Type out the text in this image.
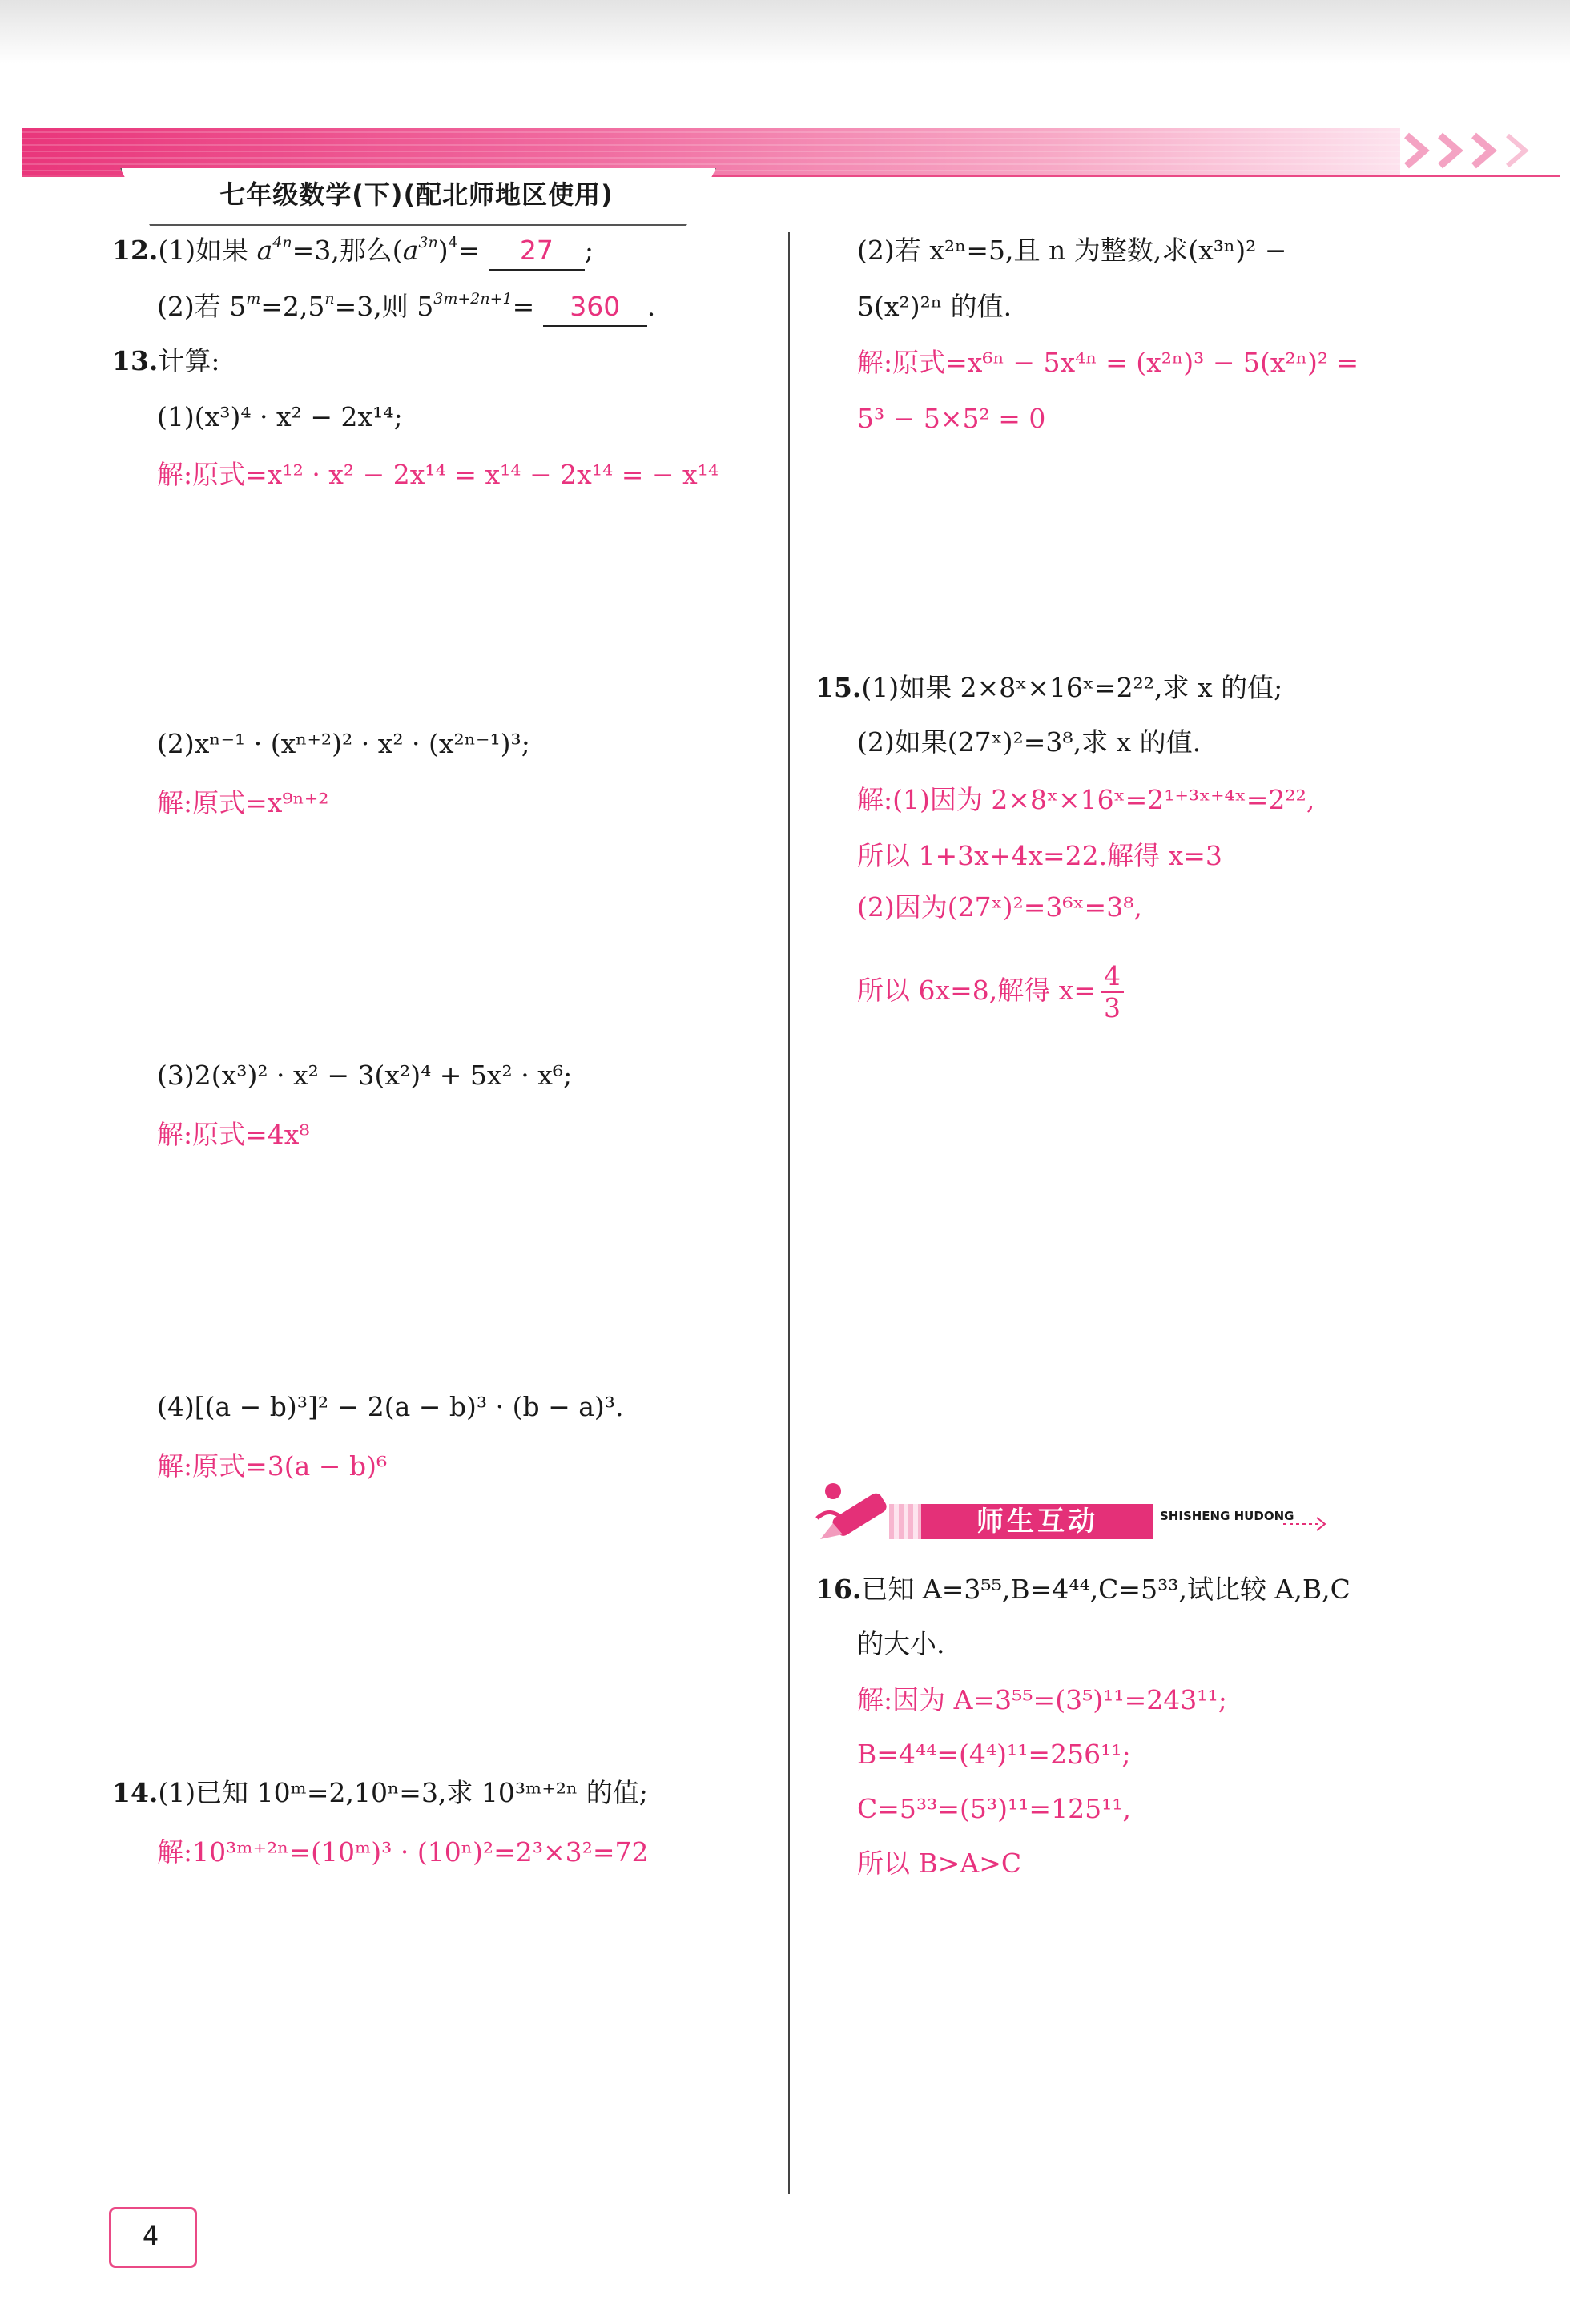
七年级数学(下)(配北师地区使用)
12.(1)如果 $a^{4n}=3$,那么$(a^{3n})^4= 27$ ;
(2)若 $5^m=2,5^n=3$,则 $5^{3m+2n+1}= 360$ .
13.计算:
(1)(x³)⁴ · x² − 2x¹⁴;
解:原式=x¹² · x² − 2x¹⁴ = x¹⁴ − 2x¹⁴ = − x¹⁴
(2)xⁿ⁻¹ · (xⁿ⁺²)² · x² · (x²ⁿ⁻¹)³;
解:原式=x⁹ⁿ⁺²
(3)2(x³)² · x² − 3(x²)⁴ + 5x² · x⁶;
解:原式=4x⁸
(4)[(a − b)³]² − 2(a − b)³ · (b − a)³.
解:原式=3(a − b)⁶
14.(1)已知 10ᵐ=2,10ⁿ=3,求 10³ᵐ⁺²ⁿ 的值;
解:10³ᵐ⁺²ⁿ=(10ᵐ)³ · (10ⁿ)²=2³×3²=72
(2)若 x²ⁿ=5,且 n 为整数,求(x³ⁿ)² −
5(x²)²ⁿ 的值.
解:原式=x⁶ⁿ − 5x⁴ⁿ = (x²ⁿ)³ − 5(x²ⁿ)² =
5³ − 5×5² = 0
15.(1)如果 2×8ˣ×16ˣ=2²²,求 x 的值;
(2)如果(27ˣ)²=3⁸,求 x 的值.
解:(1)因为 2×8ˣ×16ˣ=2¹⁺³ˣ⁺⁴ˣ=2²²,
所以 1+3x+4x=22.解得 x=3
(2)因为(27ˣ)²=3⁶ˣ=3⁸,
所以 6x=8,解得 $x= \frac{4}{3}$
师生互动	SHISHENG HUDONG
16.已知 A=3⁵⁵,B=4⁴⁴,C=5³³,试比较 A,B,C
的大小.
解:因为 A=3⁵⁵=(3⁵)¹¹=243¹¹;
B=4⁴⁴=(4⁴)¹¹=256¹¹;
C=5³³=(5³)¹¹=125¹¹,
所以 B>A>C
4
